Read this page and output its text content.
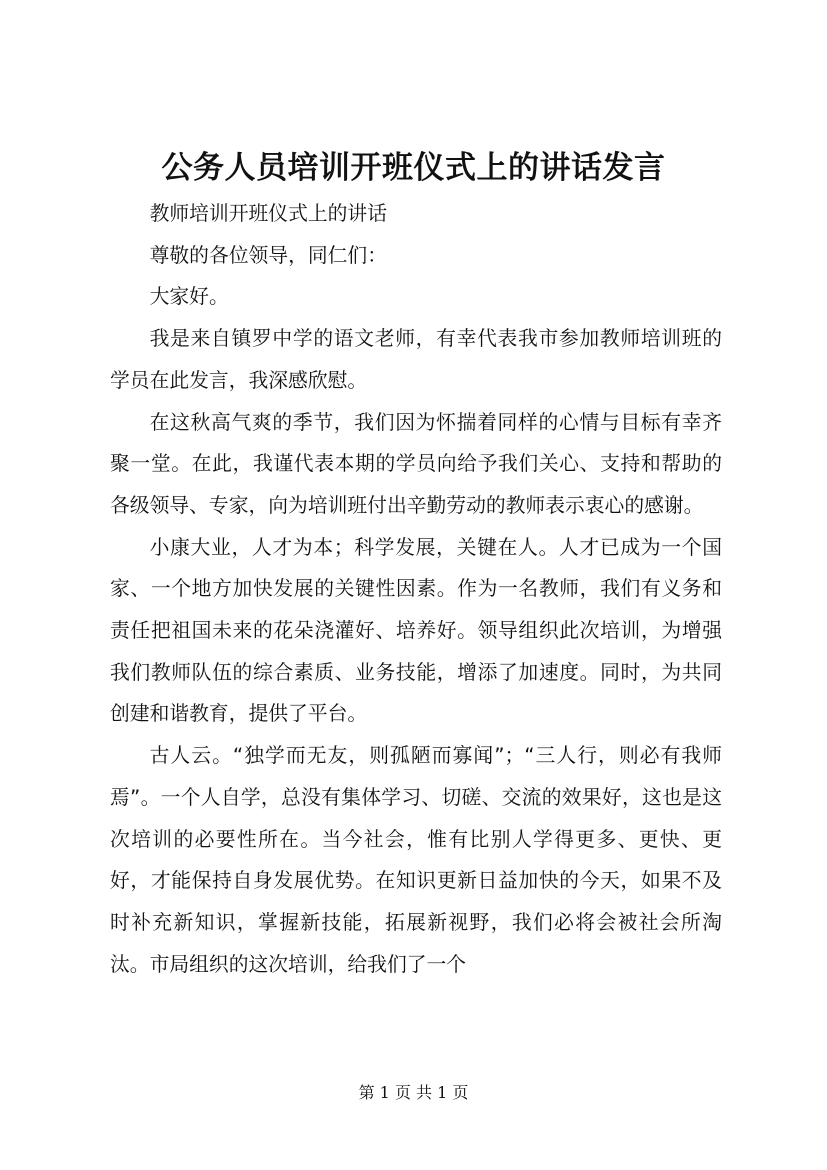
公务人员培训开班仪式上的讲话发言

教师培训开班仪式上的讲话

尊敬的各位领导，同仁们：

大家好。

我是来自镇罗中学的语文老师，有幸代表我市参加教师培训班的学员在此发言，我深感欣慰。

在这秋高气爽的季节，我们因为怀揣着同样的心情与目标有幸齐聚一堂。在此，我谨代表本期的学员向给予我们关心、支持和帮助的各级领导、专家，向为培训班付出辛勤劳动的教师表示衷心的感谢。

小康大业，人才为本；科学发展，关键在人。人才已成为一个国家、一个地方加快发展的关键性因素。作为一名教师，我们有义务和责任把祖国未来的花朵浇灌好、培养好。领导组织此次培训，为增强我们教师队伍的综合素质、业务技能，增添了加速度。同时，为共同创建和谐教育，提供了平台。

古人云。“独学而无友，则孤陋而寡闻”；“三人行，则必有我师焉”。一个人自学，总没有集体学习、切磋、交流的效果好，这也是这次培训的必要性所在。当今社会，惟有比别人学得更多、更快、更好，才能保持自身发展优势。在知识更新日益加快的今天，如果不及时补充新知识，掌握新技能，拓展新视野，我们必将会被社会所淘汰。市局组织的这次培训，给我们了一个

第 1 页 共 1 页
